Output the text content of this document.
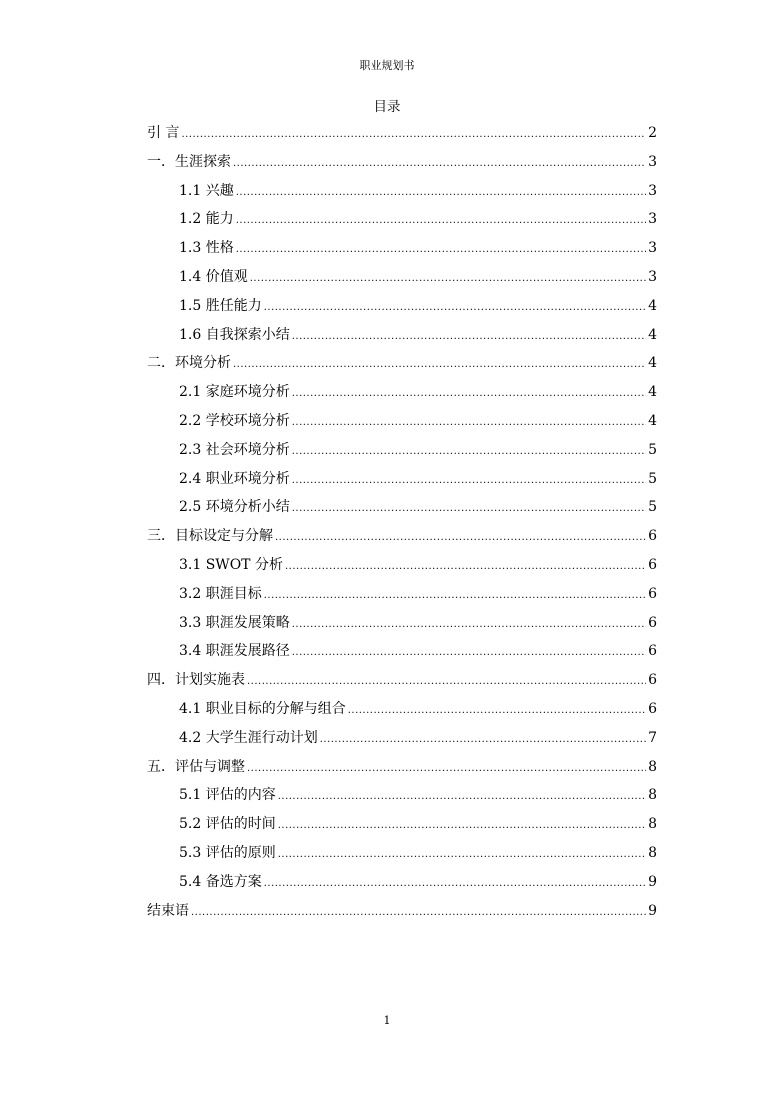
职业规划书
目录
引 言 .....	2
一．生涯探索 .....	3
1.1 兴趣 .....	3
1.2 能力 .....	3
1.3 性格 .....	3
1.4 价值观 .....	3
1.5 胜任能力 .....	4
1.6 自我探索小结 .....	4
二．环境分析 .....	4
2.1 家庭环境分析 .....	4
2.2 学校环境分析 .....	4
2.3 社会环境分析 .....	5
2.4 职业环境分析 .....	5
2.5 环境分析小结 .....	5
三．目标设定与分解 .....	6
3.1 SWOT 分析 .....	6
3.2 职涯目标 .....	6
3.3 职涯发展策略 .....	6
3.4 职涯发展路径 .....	6
四．计划实施表 .....	6
4.1 职业目标的分解与组合 .....	6
4.2 大学生涯行动计划 .....	7
五．评估与调整 .....	8
5.1 评估的内容 .....	8
5.2 评估的时间 .....	8
5.3 评估的原则 .....	8
5.4 备选方案 .....	9
结束语 .....	9
1
